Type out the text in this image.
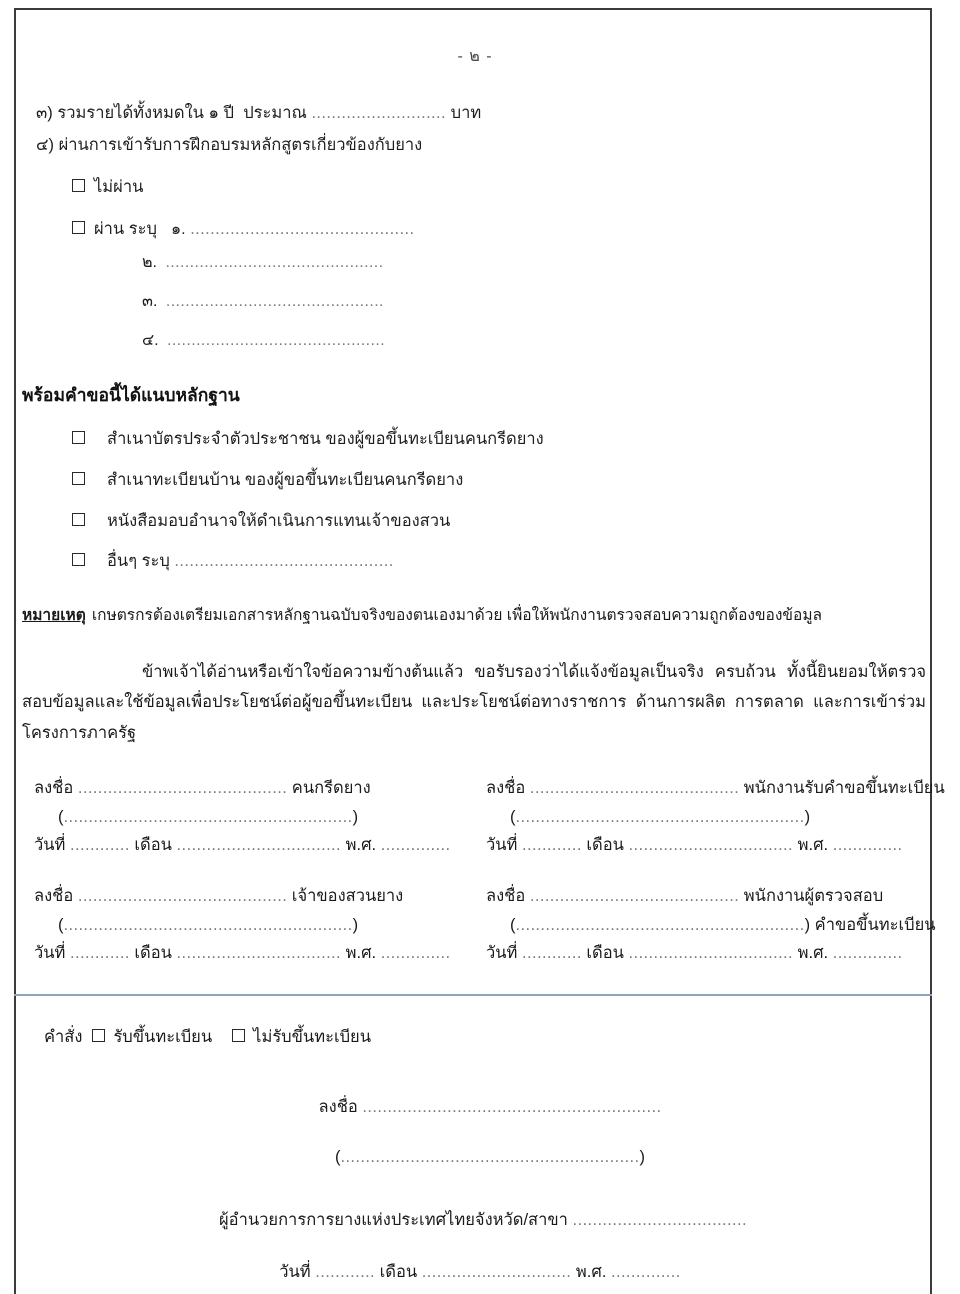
- ๒ -
๓) รวมรายได้ทั้งหมดใน ๑ ปี  ประมาณ ........................... บาท
๔) ผ่านการเข้ารับการฝึกอบรมหลักสูตรเกี่ยวข้องกับยาง
ไม่ผ่าน
ผ่าน ระบุ ๑. .............................................
๒. .............................................
๓. .............................................
๔. .............................................
พร้อมคำขอนี้ได้แนบหลักฐาน
สำเนาบัตรประจำตัวประชาชน ของผู้ขอขึ้นทะเบียนคนกรีดยาง
สำเนาทะเบียนบ้าน ของผู้ขอขึ้นทะเบียนคนกรีดยาง
หนังสือมอบอำนาจให้ดำเนินการแทนเจ้าของสวน
อื่นๆ ระบุ ............................................
หมายเหตุ เกษตรกรต้องเตรียมเอกสารหลักฐานฉบับจริงของตนเองมาด้วย เพื่อให้พนักงานตรวจสอบความถูกต้องของข้อมูล
ข้าพเจ้าได้อ่านหรือเข้าใจข้อความข้างต้นแล้ว ขอรับรองว่าได้แจ้งข้อมูลเป็นจริง ครบถ้วน ทั้งนี้ยินยอมให้ตรวจสอบข้อมูลและใช้ข้อมูลเพื่อประโยชน์ต่อผู้ขอขึ้นทะเบียน และประโยชน์ต่อทางราชการ ด้านการผลิต การตลาด และการเข้าร่วมโครงการภาครัฐ
ลงชื่อ .......................................... คนกรีดยาง
(..........................................................)
วันที่ ............ เดือน ................................. พ.ศ. ..............
ลงชื่อ .......................................... พนักงานรับคำขอขึ้นทะเบียน
(..........................................................)
วันที่ ............ เดือน ................................. พ.ศ. ..............
ลงชื่อ .......................................... เจ้าของสวนยาง
(..........................................................)
วันที่ ............ เดือน ................................. พ.ศ. ..............
ลงชื่อ .......................................... พนักงานผู้ตรวจสอบ
(..........................................................) คำขอขึ้นทะเบียน
วันที่ ............ เดือน ................................. พ.ศ. ..............
คำสั่ง รับขึ้นทะเบียน ไม่รับขึ้นทะเบียน
ลงชื่อ ............................................................
(............................................................)
ผู้อำนวยการการยางแห่งประเทศไทยจังหวัด/สาขา ...................................
วันที่ ............ เดือน .............................. พ.ศ. ..............
